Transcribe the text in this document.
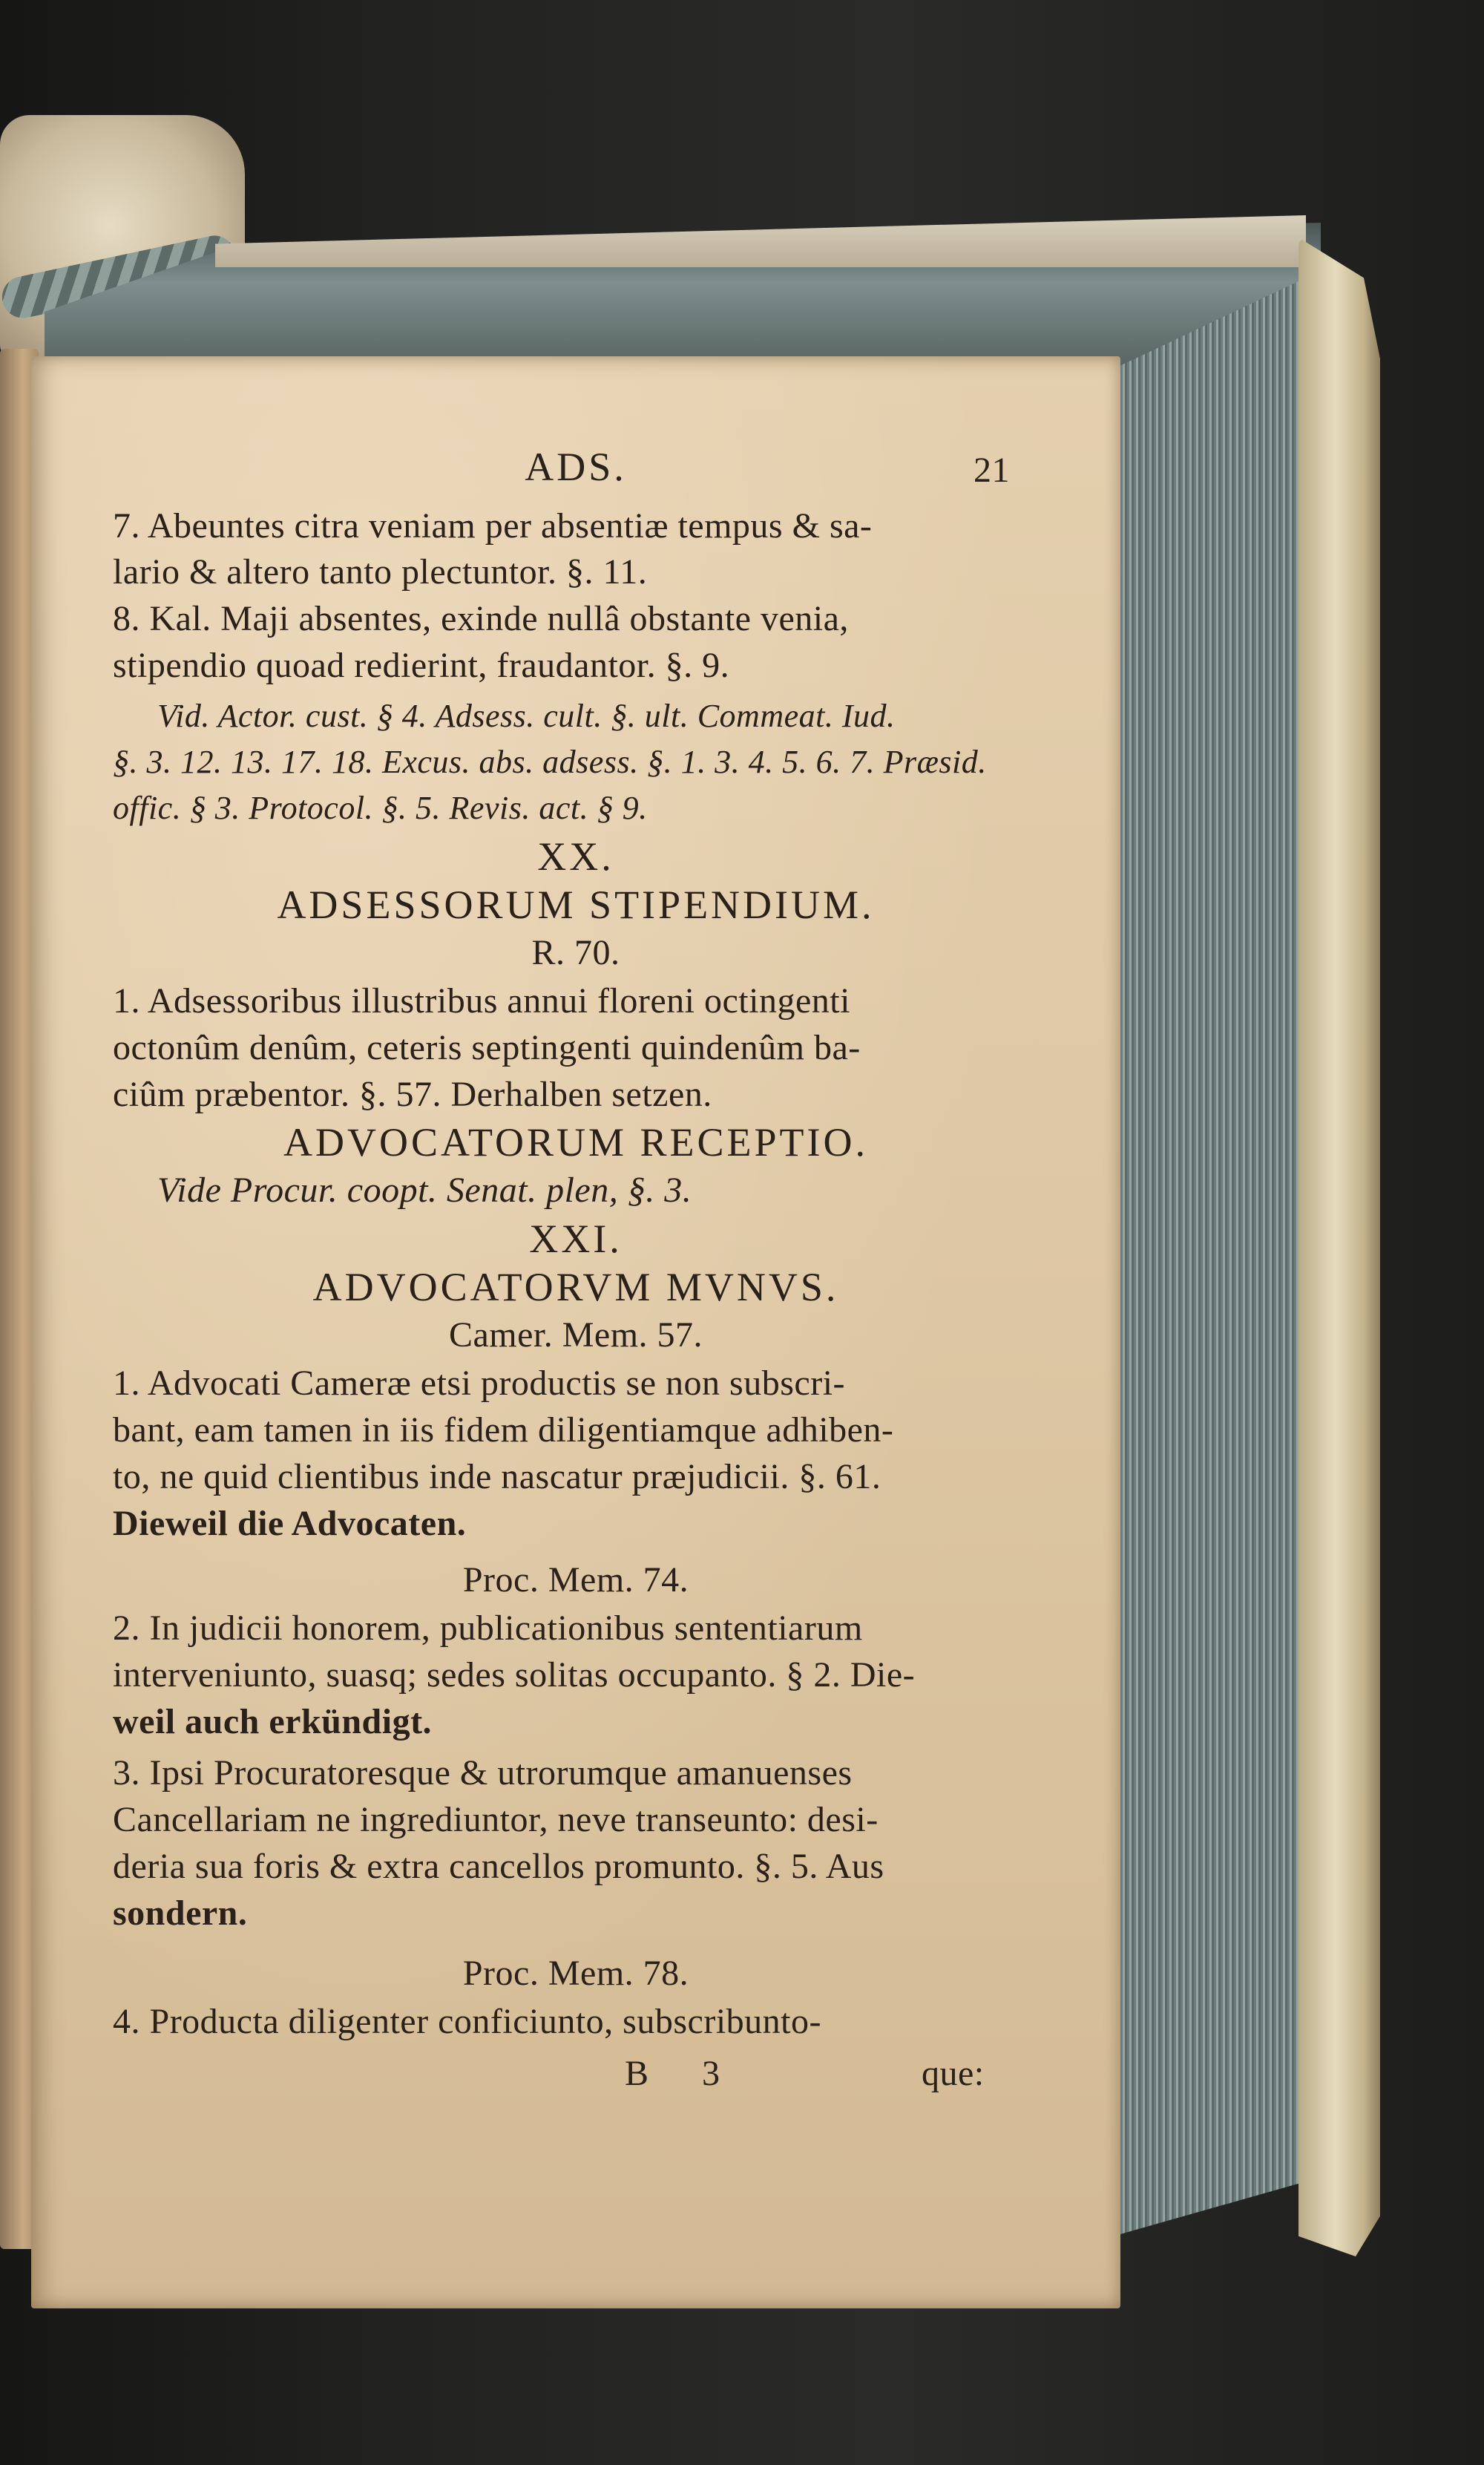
ADS.	21
7. Abeuntes citra veniam per absentiæ tempus & sa-
lario & altero tanto plectuntor. §. 11.
8. Kal. Maji absentes, exinde nullâ obstante venia,
stipendio quoad redierint, fraudantor. §. 9.
Vid. Actor. cust. § 4. Adsess. cult. §. ult. Commeat. Iud.
§. 3. 12. 13. 17. 18. Excus. abs. adsess. §. 1. 3. 4. 5. 6. 7. Præsid.
offic. § 3. Protocol. §. 5. Revis. act. § 9.
XX.
ADSESSORUM STIPENDIUM.
R. 70.
1. Adsessoribus illustribus annui floreni octingenti
octonûm denûm, ceteris septingenti quindenûm ba-
ciûm præbentor. §. 57. Derhalben setzen.
ADVOCATORUM RECEPTIO.
Vide Procur. coopt. Senat. plen, §. 3.
XXI.
ADVOCATORVM MVNVS.
Camer. Mem. 57.
1. Advocati Cameræ etsi productis se non subscri-
bant, eam tamen in iis fidem diligentiamque adhiben-
to, ne quid clientibus inde nascatur præjudicii. §. 61.
Dieweil die Advocaten.
Proc. Mem. 74.
2. In judicii honorem, publicationibus sententiarum
interveniunto, suasq; sedes solitas occupanto. § 2. Die-
weil auch erkündigt.
3. Ipsi Procuratoresque & utrorumque amanuenses
Cancellariam ne ingrediuntor, neve transeunto: desi-
deria sua foris & extra cancellos promunto. §. 5. Aus
sondern.
Proc. Mem. 78.
4. Producta diligenter conficiunto, subscribunto-
B 3	que:
